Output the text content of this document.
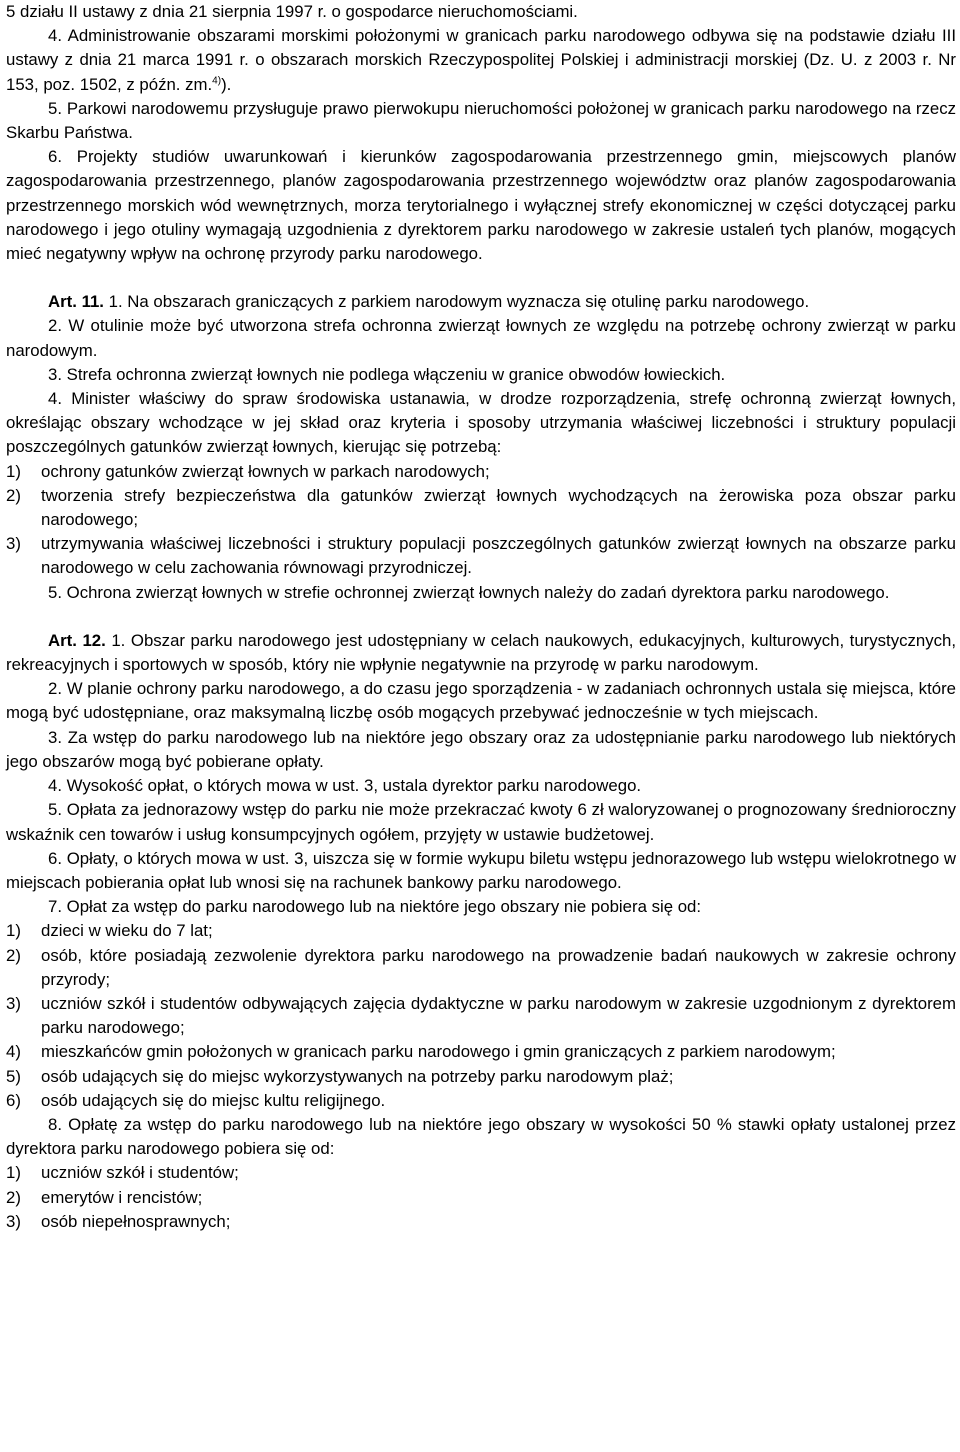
5 działu II ustawy z dnia 21 sierpnia 1997 r. o gospodarce nieruchomościami.

4. Administrowanie obszarami morskimi położonymi w granicach parku narodowego odbywa się na podstawie działu III ustawy z dnia 21 marca 1991 r. o obszarach morskich Rzeczypospolitej Polskiej i administracji morskiej (Dz. U. z 2003 r. Nr 153, poz. 1502, z późn. zm.$^{4)}$).

5. Parkowi narodowemu przysługuje prawo pierwokupu nieruchomości położonej w granicach parku narodowego na rzecz Skarbu Państwa.

6. Projekty studiów uwarunkowań i kierunków zagospodarowania przestrzennego gmin, miejscowych planów zagospodarowania przestrzennego, planów zagospodarowania przestrzennego województw oraz planów zagospodarowania przestrzennego morskich wód wewnętrznych, morza terytorialnego i wyłącznej strefy ekonomicznej w części dotyczącej parku narodowego i jego otuliny wymagają uzgodnienia z dyrektorem parku narodowego w zakresie ustaleń tych planów, mogących mieć negatywny wpływ na ochronę przyrody parku narodowego.

Art. 11. 1. Na obszarach graniczących z parkiem narodowym wyznacza się otulinę parku narodowego.

2. W otulinie może być utworzona strefa ochronna zwierząt łownych ze względu na potrzebę ochrony zwierząt w parku narodowym.

3. Strefa ochronna zwierząt łownych nie podlega włączeniu w granice obwodów łowieckich.

4. Minister właściwy do spraw środowiska ustanawia, w drodze rozporządzenia, strefę ochronną zwierząt łownych, określając obszary wchodzące w jej skład oraz kryteria i sposoby utrzymania właściwej liczebności i struktury populacji poszczególnych gatunków zwierząt łownych, kierując się potrzebą:

1)	ochrony gatunków zwierząt łownych w parkach narodowych;
2)	tworzenia strefy bezpieczeństwa dla gatunków zwierząt łownych wychodzących na żerowiska poza obszar parku narodowego;
3)	utrzymywania właściwej liczebności i struktury populacji poszczególnych gatunków zwierząt łownych na obszarze parku narodowego w celu zachowania równowagi przyrodniczej.

5. Ochrona zwierząt łownych w strefie ochronnej zwierząt łownych należy do zadań dyrektora parku narodowego.

Art. 12. 1. Obszar parku narodowego jest udostępniany w celach naukowych, edukacyjnych, kulturowych, turystycznych, rekreacyjnych i sportowych w sposób, który nie wpłynie negatywnie na przyrodę w parku narodowym.

2. W planie ochrony parku narodowego, a do czasu jego sporządzenia - w zadaniach ochronnych ustala się miejsca, które mogą być udostępniane, oraz maksymalną liczbę osób mogących przebywać jednocześnie w tych miejscach.

3. Za wstęp do parku narodowego lub na niektóre jego obszary oraz za udostępnianie parku narodowego lub niektórych jego obszarów mogą być pobierane opłaty.

4. Wysokość opłat, o których mowa w ust. 3, ustala dyrektor parku narodowego.

5. Opłata za jednorazowy wstęp do parku nie może przekraczać kwoty 6 zł waloryzowanej o prognozowany średnioroczny wskaźnik cen towarów i usług konsumpcyjnych ogółem, przyjęty w ustawie budżetowej.

6. Opłaty, o których mowa w ust. 3, uiszcza się w formie wykupu biletu wstępu jednorazowego lub wstępu wielokrotnego w miejscach pobierania opłat lub wnosi się na rachunek bankowy parku narodowego.

7. Opłat za wstęp do parku narodowego lub na niektóre jego obszary nie pobiera się od:

1)	dzieci w wieku do 7 lat;
2)	osób, które posiadają zezwolenie dyrektora parku narodowego na prowadzenie badań naukowych w zakresie ochrony przyrody;
3)	uczniów szkół i studentów odbywających zajęcia dydaktyczne w parku narodowym w zakresie uzgodnionym z dyrektorem parku narodowego;
4)	mieszkańców gmin położonych w granicach parku narodowego i gmin graniczących z parkiem narodowym;
5)	osób udających się do miejsc wykorzystywanych na potrzeby parku narodowym plaż;
6)	osób udających się do miejsc kultu religijnego.

8. Opłatę za wstęp do parku narodowego lub na niektóre jego obszary w wysokości 50 % stawki opłaty ustalonej przez dyrektora parku narodowego pobiera się od:

1)	uczniów szkół i studentów;
2)	emerytów i rencistów;
3)	osób niepełnosprawnych;
